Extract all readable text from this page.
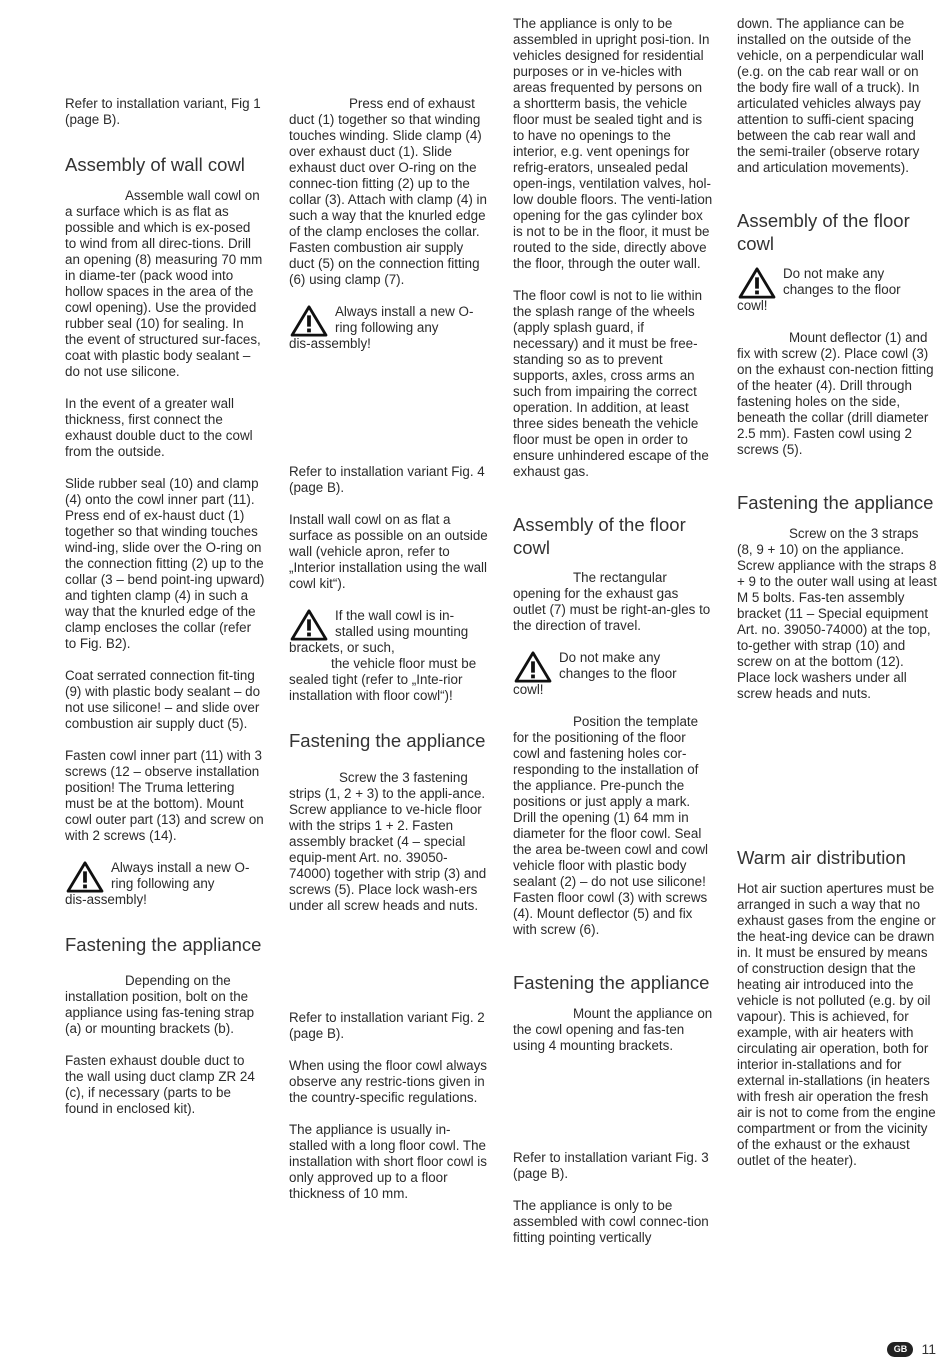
Refer to installation variant, Fig 1 (page B).

Assembly of wall cowl

Assemble wall cowl on a surface which is as flat as possible and which is ex-posed to wind from all direc-tions. Drill an opening (8) measuring 70 mm in diame-ter (pack wood into hollow spaces in the area of the cowl opening). Use the provided rubber seal (10) for sealing. In the event of structured sur-faces, coat with plastic body sealant – do not use silicone.

In the event of a greater wall thickness, first connect the exhaust double duct to the cowl from the outside.

Slide rubber seal (10) and clamp (4) onto the cowl inner part (11). Press end of ex-haust duct (1) together so that winding touches wind-ing, slide over the O-ring on the connection fitting (2) up to the collar (3 – bend point-ing upward) and tighten clamp (4) in such a way that the knurled edge of the clamp encloses the collar (refer to Fig. B2).

Coat serrated connection fit-ting (9) with plastic body sealant – do not use silicone! – and slide over combustion air supply duct (5).

Fasten cowl inner part (11) with 3 screws (12 – observe installation position! The Truma lettering must be at the bottom). Mount cowl outer part (13) and screw on with 2 screws (14).

Always install a new O-ring following any
dis-assembly!
Fastening the appliance

Depending on the installation position, bolt on the appliance using fas-tening strap (a) or mounting brackets (b).

Fasten exhaust double duct to the wall using duct clamp ZR 24 (c), if necessary (parts to be found in enclosed kit).

Press end of exhaust duct (1) together so that winding touches winding. Slide clamp (4) over exhaust duct (1). Slide exhaust duct over O-ring on the connec-tion fitting (2) up to the collar (3). Attach with clamp (4) in such a way that the knurled edge of the clamp encloses the collar. Fasten combustion air supply duct (5) on the connection fitting (6) using clamp (7).

Always install a new O-ring following any
dis-assembly!

Refer to installation variant Fig. 4 (page B).

Install wall cowl on as flat a surface as possible on an outside wall (vehicle apron, refer to „Interior installation using the wall cowl kit“).

If the wall cowl is in-stalled using mounting
brackets, or such,
the vehicle floor must be sealed tight (refer to „Inte-rior installation with floor cowl“)!
Fastening the appliance

Screw the 3 fastening strips (1, 2 + 3) to the appli-ance. Screw appliance to ve-hicle floor with the strips 1 + 2. Fasten assembly bracket (4 – special equip-ment Art. no. 39050-74000) together with strip (3) and screws (5). Place lock wash-ers under all screw heads and nuts.

Refer to installation variant Fig. 2 (page B).

When using the floor cowl always observe any restric-tions given in the country-specific regulations.

The appliance is usually in-stalled with a long floor cowl. The installation with short floor cowl is only approved up to a floor thickness of 10 mm.

The appliance is only to be assembled in upright posi-tion. In vehicles designed for residential purposes or in ve-hicles with areas frequented by persons on a shortterm basis, the vehicle floor must be sealed tight and is to have no openings to the interior, e.g. vent openings for refrig-erators, unsealed pedal open-ings, ventilation valves, hol-low double floors. The venti-lation opening for the gas cylinder box is not to be in the floor, it must be routed to the side, directly above the floor, through the outer wall.

The floor cowl is not to lie within the splash range of the wheels (apply splash guard, if necessary) and it must be free-standing so as to prevent supports, axles, cross arms an such from impairing the correct operation. In addition, at least three sides beneath the vehicle floor must be open in order to ensure unhindered escape of the exhaust gas.

Assembly of the floor cowl

The rectangular opening for the exhaust gas outlet (7) must be right-an-gles to the direction of travel.

Do not make any changes to the floor
cowl!

Position the template for the positioning of the floor cowl and fastening holes cor-responding to the installation of the appliance. Pre-punch the positions or just apply a mark. Drill the opening (1) 64 mm in diameter for the floor cowl. Seal the area be-tween cowl and cowl vehicle floor with plastic body sealant (2) – do not use silicone! Fasten floor cowl (3) with screws (4). Mount deflector (5) and fix with screw (6).

Fastening the appliance

Mount the appliance on the cowl opening and fas-ten using 4 mounting brackets.

Refer to installation variant Fig. 3 (page B).

The appliance is only to be assembled with cowl connec-tion fitting pointing vertically

down. The appliance can be installed on the outside of the vehicle, on a perpendicular wall (e.g. on the cab rear wall or on the body fire wall of a truck). In articulated vehicles always pay attention to suffi-cient spacing between the cab rear wall and the semi-trailer (observe rotary and articulation movements).

Assembly of the floor cowl
Do not make any changes to the floor
cowl!

Mount deflector (1) and fix with screw (2). Place cowl (3) on the exhaust con-nection fitting of the heater (4). Drill through fastening holes on the side, beneath the collar (drill diameter 2.5 mm). Fasten cowl using 2 screws (5).

Fastening the appliance

Screw on the 3 straps (8, 9 + 10) on the appliance. Screw appliance with the straps 8 + 9 to the outer wall using at least M 5 bolts. Fas-ten assembly bracket (11 – Special equipment Art. no. 39050-74000) at the top, to-gether with strap (10) and screw on at the bottom (12). Place lock washers under all screw heads and nuts.

Warm air distribution

Hot air suction apertures must be arranged in such a way that no exhaust gases from the engine or the heat-ing device can be drawn in. It must be ensured by means of construction design that the heating air introduced into the vehicle is not polluted (e.g. by oil vapour). This is achieved, for example, with air heaters with circulating air operation, both for interior in-stallations and for external in-stallations (in heaters with fresh air operation the fresh air is not to come from the engine compartment or from the vicinity of the exhaust or the exhaust outlet of the heater).

GB	11
